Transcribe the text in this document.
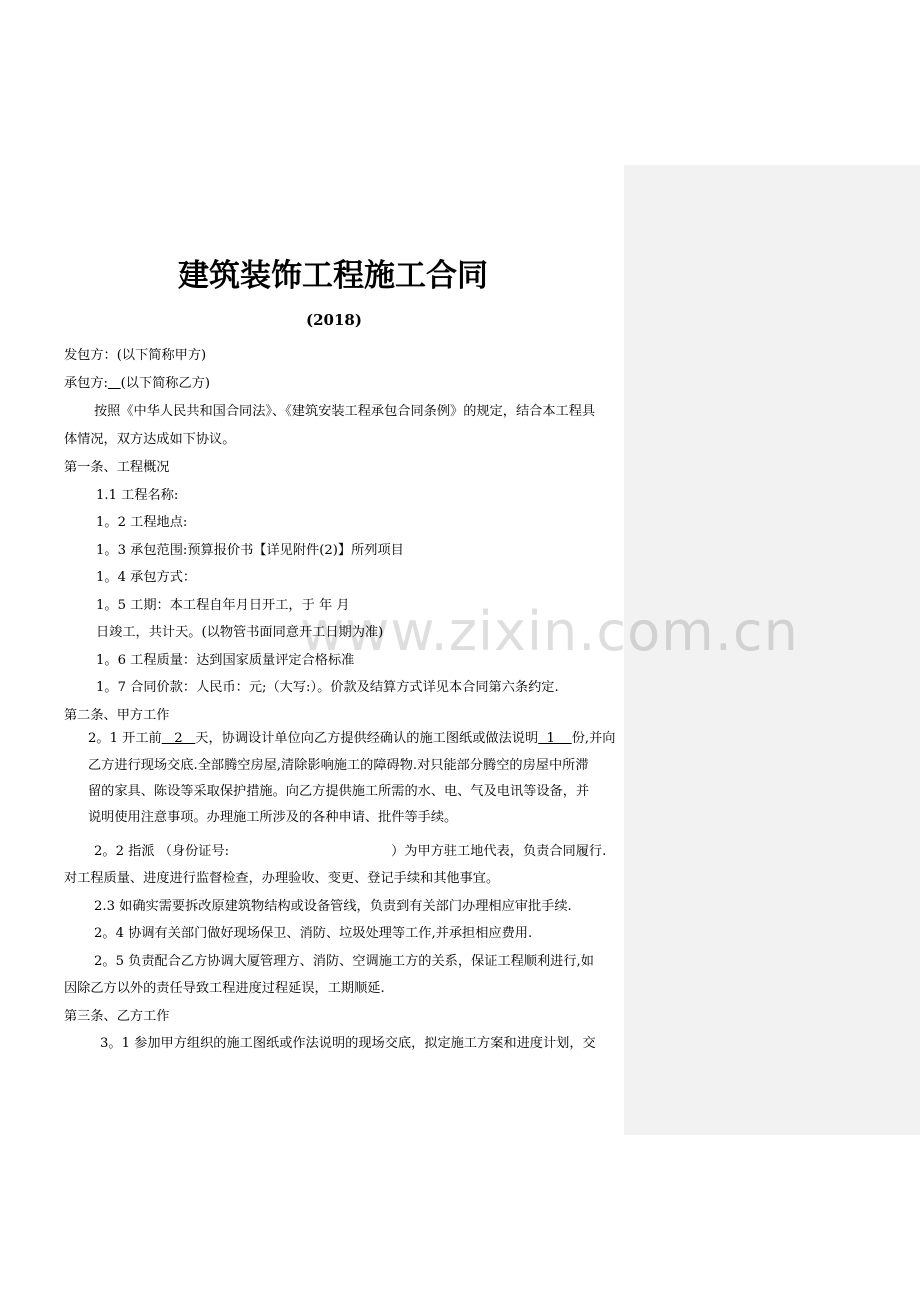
www.zixin.com.cn
建筑装饰工程施工合同
(2018)
发包方：(以下简称甲方)
承包方: (以下简称乙方)
按照《中华人民共和国合同法》、《建筑安装工程承包合同条例》的规定，结合本工程具
体情况，双方达成如下协议。
第一条、工程概况
1.1 工程名称:
1。2 工程地点:
1。3 承包范围:预算报价书【详见附件(2)】所列项目
1。4 承包方式：
1。5 工期：本工程自年月日开工，于 年 月
日竣工，共计天。(以物管书面同意开工日期为准)
1。6 工程质量：达到国家质量评定合格标准
1。7 合同价款：人民币：元;（大写:）。价款及结算方式详见本合同第六条约定.
第二条、甲方工作
2。1 开工前   2   天，协调设计单位向乙方提供经确认的施工图纸或做法说明  1    份,并向
乙方进行现场交底.全部腾空房屋,清除影响施工的障碍物.对只能部分腾空的房屋中所滞
留的家具、陈设等采取保护措施。向乙方提供施工所需的水、电、气及电讯等设备，并
说明使用注意事项。办理施工所涉及的各种申请、批件等手续。
2。2 指派 （身份证号:	）为甲方驻工地代表，负责合同履行.
对工程质量、进度进行监督检查，办理验收、变更、登记手续和其他事宜。
2.3 如确实需要拆改原建筑物结构或设备管线，负责到有关部门办理相应审批手续.
2。4 协调有关部门做好现场保卫、消防、垃圾处理等工作,并承担相应费用.
2。5 负责配合乙方协调大厦管理方、消防、空调施工方的关系，保证工程顺利进行,如
因除乙方以外的责任导致工程进度过程延误，工期顺延.
第三条、乙方工作
3。1 参加甲方组织的施工图纸或作法说明的现场交底，拟定施工方案和进度计划，交
